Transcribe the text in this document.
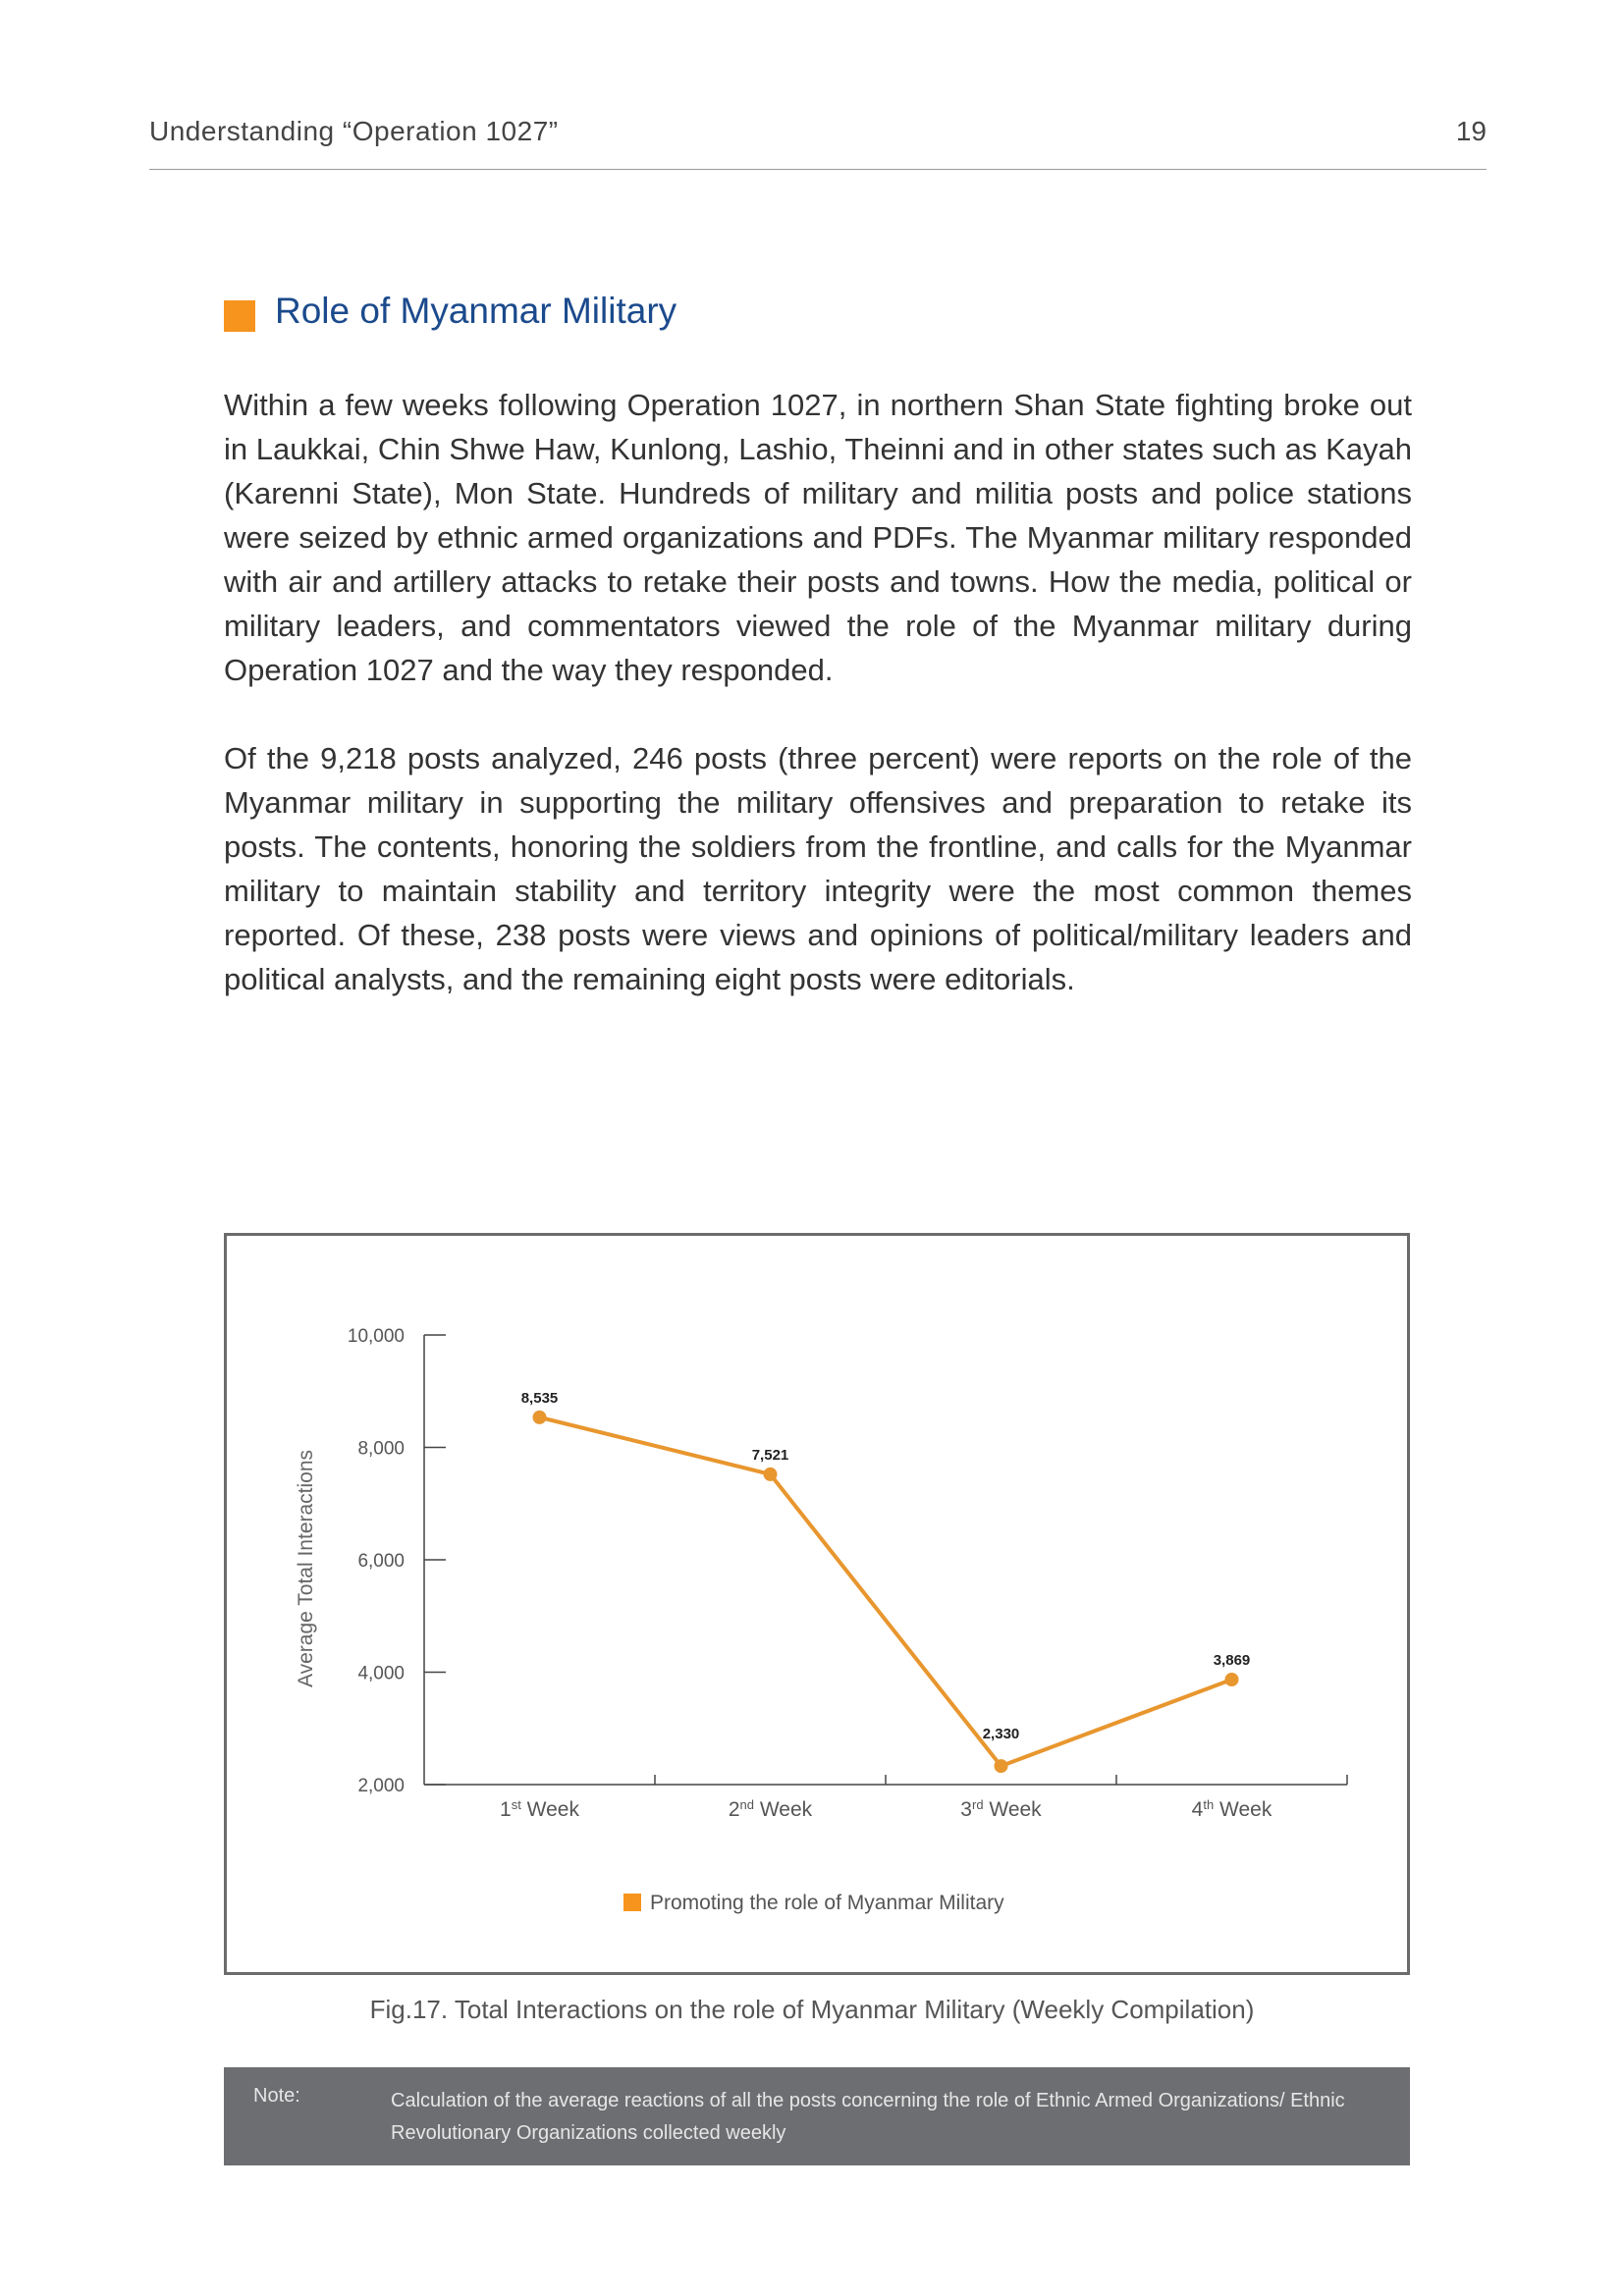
Understanding “Operation 1027”	19
Role of Myanmar Military

Within a few weeks following Operation 1027, in northern Shan State fighting broke out in Laukkai, Chin Shwe Haw, Kunlong, Lashio, Theinni and in other states such as Kayah (Karenni State), Mon State. Hundreds of military and militia posts and police stations were seized by ethnic armed organizations and PDFs. The Myanmar military responded with air and artillery attacks to retake their posts and towns. How the media, political or military leaders, and commentators viewed the role of the Myanmar military during Operation 1027 and the way they responded.

Of the 9,218 posts analyzed, 246 posts (three percent) were reports on the role of the Myanmar military in supporting the military offensives and preparation to retake its posts. The contents, honoring the soldiers from the frontline, and calls for the Myanmar military to maintain stability and territory integrity were the most common themes reported. Of these, 238 posts were views and opinions of political/military leaders and political analysts, and the remaining eight posts were editorials.

2,000
4,000
6,000
8,000
10,000
1st Week	2nd Week	3rd Week	4th Week
Average Total Interactions
8,535
7,521
2,330
3,869
Promoting the role of Myanmar Military
Fig.17. Total Interactions on the role of Myanmar Military (Weekly Compilation)
Note:	Calculation of the average reactions of all the posts concerning the role of Ethnic Armed Organizations/ Ethnic Revolutionary Organizations collected weekly
